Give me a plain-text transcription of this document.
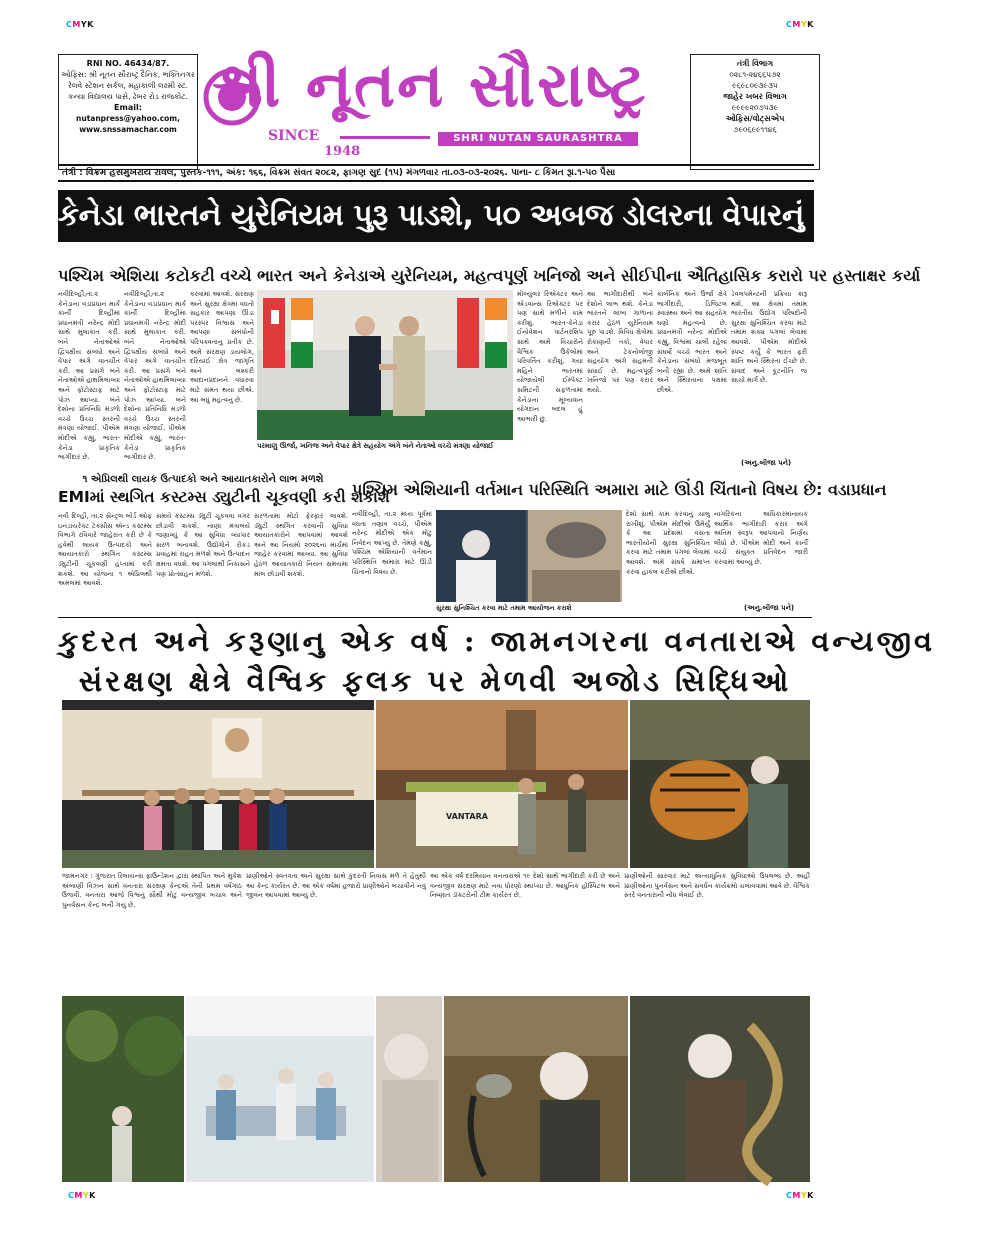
CMYK	CMYK
CMYK	CMYK
RNI NO. 46434/87.
ઓફિસ: શ્રી નૂતન સૌરાષ્ટ્ર દૈનિક, ભક્તિનગર રેલવે સ્ટેશન સર્કલ, મહાકાલી લક્ષ્મી સ્ટ. કન્યા વિદ્યાલય પાસે, ઢેબર રોડ રાજકોટ.
Email:
nutanpress@yahoo.com,
www.snssamachar.com
શ્રી નૂતન સૌરાષ્ટ્ર
SINCE
1948
SHRI NUTAN SAURASHTRA
તંત્રી વિભાગ
૦૨૮૧-૨૪૬૬૫૭૨
૯૬૯૮૦૯૩૯૩૫
જાહેર ખબર વિભાગ
૯૯૯૯૨૦૭૫૩૯
ઓફિસ/વોટ્સએપ
૭૯૦૬૯૯૧૧૪૬
તંત્રી : વિક્રમ હસમુખરાય રાવલ, પુસ્તક-૧૧૧, અંક: ૧૬૬, વિક્રમ સંવત ૨૦૮૨, ફાગણ સુદ (૧૫) મંગળવાર તા.૦૩-૦૩-૨૦૨૬. પાના- ૮ કિંમત રૂા.૧-૫૦ પૈસા
કેનેડા ભારતને યુરેનિયમ પુરૂ પાડશે, ૫૦ અબજ ડોલરના વેપારનું લક્ષ્ય: વડાપ્રધાન
પશ્ચિમ એશિયા કટોકટી વચ્ચે ભારત અને કેનેડાએ યુરેનિયમ, મહત્વપૂર્ણ ખનિજો અને સીઈપીના ઐતિહાસિક કરારો પર હસ્તાક્ષર કર્યા
નવીદિલ્હી,તા.૨ કેનેડાના વડાપ્રધાન માર્ક કાર્ની દિલ્હીમાં પ્રધાનમંત્રી નરેન્દ્ર મોદી સાથે મુલાકાત કરી. બંને નેતાઓએ દ્વિપક્ષીય સંબંધો અને વેપાર અંગે વાતચીત કરી. આ પ્રસંગે બંને નેતાઓએ હાથમિલાવ્યા અને ફોટોસ્ટાફ માટે પોઝ આપ્યા. બંને દેશોના પ્રતિનિધિ મંડળો વચ્ચે ઉચ્ચ સ્તરની મંત્રણા યોજાઈ. પીએમ મોદીએ કહ્યું, ભારત-કેનેડા પ્રાકૃતિક ભાગીદાર છે.
નવીદિલ્હી,તા.૨ કેનેડાના વડાપ્રધાન માર્ક કાર્ની દિલ્હીમાં પ્રધાનમંત્રી નરેન્દ્ર મોદી સાથે મુલાકાત કરી. બંને નેતાઓએ દ્વિપક્ષીય સંબંધો અને વેપાર અંગે વાતચીત કરી. આ પ્રસંગે બંને નેતાઓએ હાથમિલાવ્યા અને ફોટોસ્ટાફ માટે પોઝ આપ્યા. બંને દેશોના પ્રતિનિધિ મંડળો વચ્ચે ઉચ્ચ સ્તરની મંત્રણા યોજાઈ. પીએમ મોદીએ કહ્યું, ભારત-કેનેડા પ્રાકૃતિક ભાગીદાર છે.
કરવામાં આવશે. સંરક્ષણ અને સુરક્ષા ક્ષેત્રમાં વધતો સહકાર આપણા ઊંડા પરસ્પર વિશ્વાસ અને આપણા સંબંધોની પરિપક્વતાનું પ્રતીક છે. અમે સંરક્ષણ ડાયલોગ, દરિયાઈ ક્ષેત્ર જાગૃતિ અને લશ્કરી આદાનપ્રદાનને વધારવા માટે સંમત થયા છીએ. આ બધું મહત્વનું છે.
પરમાણુ ઊર્જા, ખનિજ અને વેપાર ક્ષેત્રે સહયોગ અંગે બંને નેતાઓ વચ્ચે મંત્રણા યોજાઈ
મોલ્યુલર રિએક્ટર અને એડવાન્સ રિએક્ટર પર પણ સાથે મળીને કામ કરીશું. ભારત-કેનેડા ઈનોવેશન પાર્ટનરશિપ સાથે અમે વિચારોને વૈશ્વિક ઉકેલોમાં પરિવર્તિત કરીશું. ગયા મહિને ભારતમાં યોજાયેલી ઈમ્પેક્ટ સમિટની સફળતામાં કેનેડાના મૂલ્યવાન યોગદાન બદલ હું આભારી છું.
આ ભાગીદારીથી બંને દેશોને લાભ થશે. કેનેડા ભારતને લાંબા ગાળાના કરાર હેઠળ યુરેનિયમ પૂરું પાડશે. વિવિધ ક્ષેત્રોમાં રોકાણની તકો, વેપાર અને ટેકનોલોજી સહયોગ અંગે સહમતી સધાઈ છે. મહત્વપૂર્ણ ખનિજો પર પણ કરાર થયો.
કાર્બનિક અને ઉર્જા ક્ષેત્રે ભાગીદારી, ડિજિટલ સ્વાસ્થ્ય અને આ સહયોગ ઘણો મહત્વનો છે. પ્રધાનમંત્રી નરેન્દ્ર મોદીએ કહ્યું, વિશ્વમાં ચાલી રહેલા સંઘર્ષો વચ્ચે ભારત અને કેનેડાના સંબંધો મજબૂત બની રહ્યા છે. અમે શાંતિ અને સ્થિરતાના પક્ષમાં છીએ.
ડેવલપમેન્ટની પ્રક્રિયા શરૂ થશે. આ ક્ષેત્રમાં તમામ ભારતીય ઉદ્યોગ પરિષદોની સુરક્ષા સુનિશ્ચિત કરવા માટે તમામ શક્ય પગલાં લેવામાં આવશે. પીએમ મોદીએ સ્પષ્ટ કર્યું કે ભારત ફરી શાંતિ અને સ્થિરતા ઈચ્છે છે. સંવાદ અને કૂટનીતિ જ સાચો માર્ગ છે.
(અનુ.બીજા પને)
૧ એપ્રિલથી લાયક ઉત્પાદકો અને આયાતકારોને લાભ મળશે
EMIમાં સ્થગિત કસ્ટમ્સ ડ્યુટીની ચૂકવણી કરી શકાશે
નવી દિલ્હી, તા.૨ સેન્ટ્રલ બોર્ડ ઓફ ઇનડાયરેક્ટ ટેક્સીસ એન્ડ કસ્ટમ્સ વિભાગે રવિવારે જાહેરાત કરી છે કે હવેથી લાયક ઉત્પાદકો અને આયાતકારો સ્થગિત કસ્ટમ્સ ડ્યુટીની ચૂકવણી હપ્તામાં કરી શકશે. આ યોજના ૧ એપ્રિલથી અમલમાં આવશે.
સમયે કસ્ટમ્સ ડ્યુટી ચૂકવવા વગર છોડાવી શકશે. નાણાં મંત્રાલયે જણાવ્યું કે આ સુવિધા વ્યાપાર સરળ બનાવશે. ઉદ્યોગોને રોકડ પ્રવાહમાં રાહત મળશે અને ઉત્પાદન ક્ષમતા વધશે. આ પગલાથી નિકાસને પણ પ્રોત્સાહન મળશે.
સરળતામાં મોટો ફેરફાર લાવશે. ડ્યુટી સ્થગિત કરવાની સુવિધા આયાતકારોને આપવામાં આવશે અને આ નિયમો ૨૦૨૬ના માર્ચમાં જાહેર કરવામાં આવ્યા. આ સુવિધા હેઠળ આયાતકારો નિયત સમયમાં માલ છોડાવી શકશે.
પશ્ચિમ એશિયાની વર્તમાન પરિસ્થિતિ અમારા માટે ઊંડી ચિંતાનો વિષય છે: વડાપ્રધાન
નવીદિલ્હી, તા.૨ મધ્ય પૂર્વમાં વધતા તણાવ વચ્ચે, પીએમ નરેન્દ્ર મોદીએ એક મોટું નિવેદન આપ્યું છે. તેમણે કહ્યું, પશ્ચિમ એશિયાની વર્તમાન પરિસ્થિતિ અમારા માટે ઊંડી ચિંતાનો વિષય છે.
સુરક્ષા સુનિશ્ચિત કરવા માટે તમામ આયોજન કરાશે
દેશો સાથે કામ કરવાનું ચાલુ રાખીશું. પીએમ મોદીએ ઉમેર્યું કે આ પ્રદેશમાં વસતા ભારતીયોની સુરક્ષા સુનિશ્ચિત કરવા માટે તમામ પગલાં લેવામાં આવશે. અમે સંઘર્ષ સમાપ્ત કરવા હાકલ કરીએ છીએ.
નાગરિકના અધિકારમાંનાયક આર્થિક ભાગીદારી કરાર અંગે અંતિમ સ્વરૂપ આપવાનો નિર્ણય લીધો છે. પીએમ મોદી અને કાર્ની વચ્ચે સંયુક્ત પ્રતિવેદન જારી કરવામાં આવ્યું છે.
(અનુ.બીજા પને)
કુદરત અને કરૂણાનુ એક વર્ષ : જામનગરના વનતારાએ વન્યજીવ
સંરક્ષણ ક્ષેત્રે વૈશ્વિક ફલક પર મેળવી અજોડ સિદ્ધિઓ
VANTARA
જામનગર : ગુજરાત રિલાયન્સ ફાઉન્ડેશન દ્વારા સ્થાપિત અને મુકેશ અંબાણી વિઝન સાથે વનતારા સંરક્ષણ કેન્દ્રએ તેની પ્રથમ વર્ષગાંઠ ઉજવી. વનતારા આજે વિશ્વનું સૌથી મોટું વન્યજીવ બચાવ અને પુનર્વસન કેન્દ્ર બની ગયું છે.
પ્રાણીઓને સ્વતંત્રતા અને સુરક્ષા સાથે કુદરતી નિવાસ મળે તે હેતુથી આ કેન્દ્ર કાર્યરત છે. આ એક વર્ષમાં હજારો પ્રાણીઓને બચાવીને નવું જીવન આપવામાં આવ્યું છે.
આ એક વર્ષ દરમિયાન વનતારાએ ૧૯ દેશો સાથે ભાગીદારી કરી છે અને વન્યજીવ સંરક્ષણ માટે નવા ધોરણો સ્થાપ્યા છે. આધુનિક હોસ્પિટલ અને નિષ્ણાત ડૉક્ટરોની ટીમ કાર્યરત છે.
પ્રાણીઓની સારવાર માટે અત્યાધુનિક સુવિધાઓ ઉપલબ્ધ છે. અહીં પ્રાણીઓના પુનર્વસન અને સંવર્ધન કાર્યક્રમો ચલાવવામાં આવે છે. વૈશ્વિક સ્તરે વનતારાની નોંધ લેવાઈ છે.
